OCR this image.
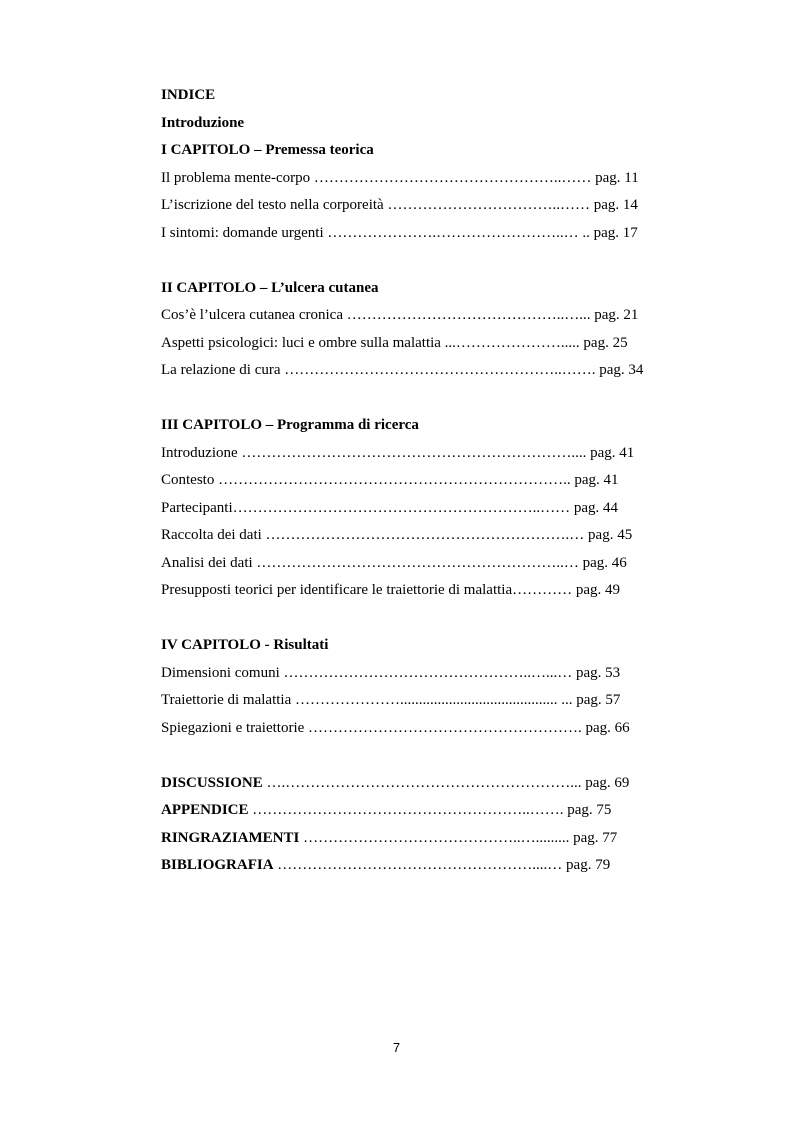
INDICE
Introduzione
I CAPITOLO – Premessa teorica
Il problema mente-corpo …………………………………………..…… pag. 11
L’iscrizione del testo nella corporeità ……………………………..…… pag. 14
I sintomi: domande urgenti ………………….……………………..… .. pag. 17
II CAPITOLO – L’ulcera cutanea
Cos’è l’ulcera cutanea cronica ……………………………………..…... pag. 21
Aspetti psicologici: luci e ombre sulla malattia ...…………………..... pag. 25
La relazione di cura ………………………………………………..……. pag. 34
III CAPITOLO – Programma di ricerca
Introduzione ………………………………………………………….... pag. 41
Contesto …………………………………………………………….. pag. 41
Partecipanti……………………………………………………..…… pag. 44
Raccolta dei dati …………………………………………………….… pag. 45
Analisi dei dati ……………………………………………………..… pag. 46
Presupposti teorici per identificare le traiettorie di malattia………… pag. 49
IV CAPITOLO - Risultati
Dimensioni comuni …………………………………………..…...… pag. 53
Traiettorie di malattia ………………….......................................... ... pag. 57
Spiegazioni e traiettorie ………………………………………………. pag. 66
DISCUSSIONE ….…………………………………………………... pag. 69
APPENDICE ………………………………………………..……. pag. 75
RINGRAZIAMENTI ……………………………………..…......... pag. 77
BIBLIOGRAFIA ……………………………………………....… pag. 79
7
